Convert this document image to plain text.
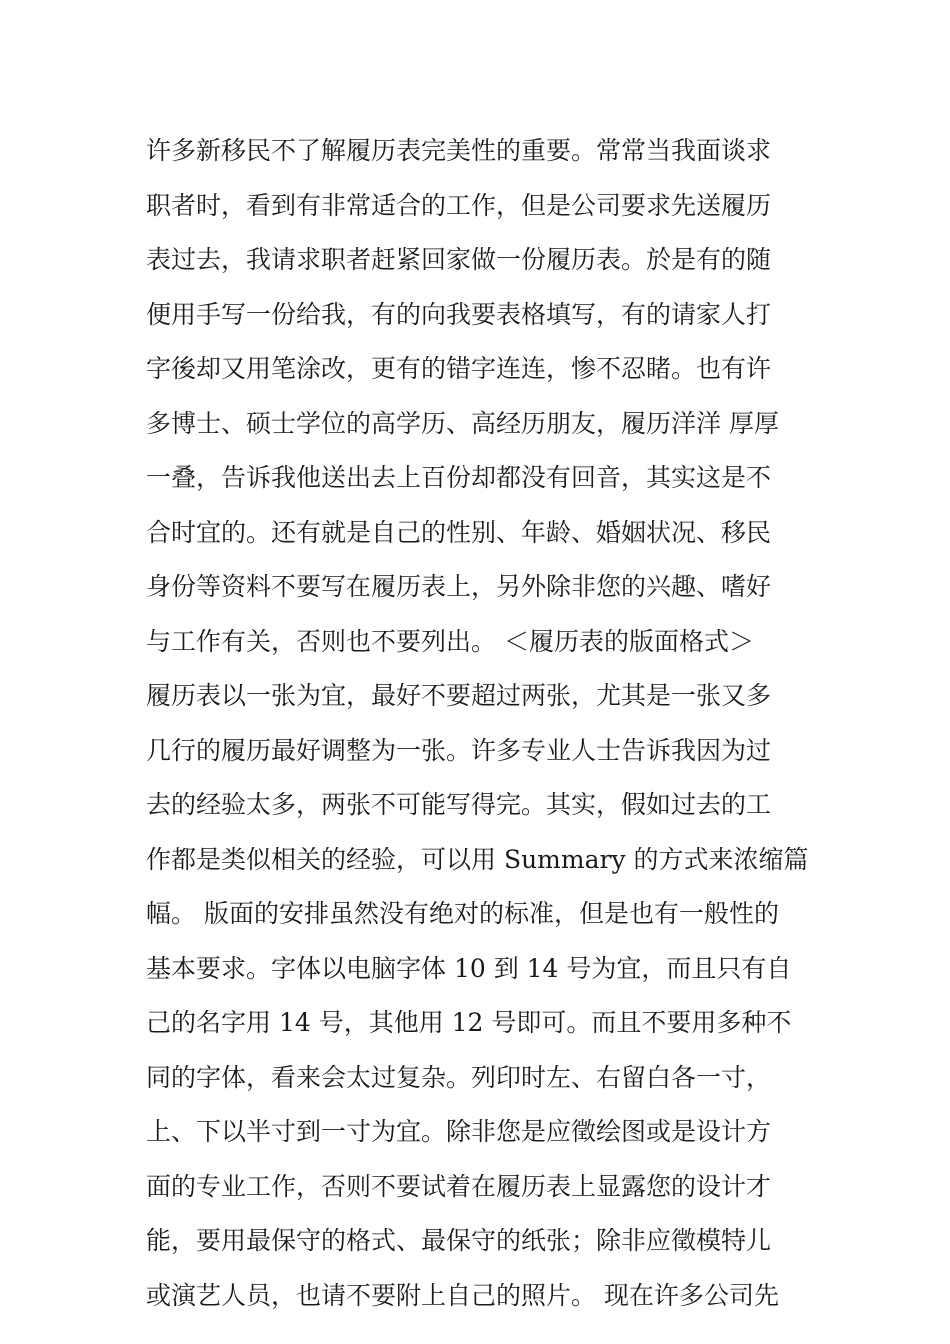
许多新移民不了解履历表完美性的重要。常常当我面谈求
职者时，看到有非常适合的工作，但是公司要求先送履历
表过去，我请求职者赶紧回家做一份履历表。於是有的随
便用手写一份给我，有的向我要表格填写，有的请家人打
字後却又用笔涂改，更有的错字连连，惨不忍睹。也有许
多博士、硕士学位的高学历、高经历朋友，履历洋洋 厚厚
一叠，告诉我他送出去上百份却都没有回音，其实这是不
合时宜的。还有就是自己的性别、年龄、婚姻状况、移民
身份等资料不要写在履历表上，另外除非您的兴趣、嗜好
与工作有关，否则也不要列出。 ＜履历表的版面格式＞
履历表以一张为宜，最好不要超过两张，尤其是一张又多
几行的履历最好调整为一张。许多专业人士告诉我因为过
去的经验太多，两张不可能写得完。其实，假如过去的工
作都是类似相关的经验，可以用 Summary 的方式来浓缩篇
幅。 版面的安排虽然没有绝对的标准，但是也有一般性的
基本要求。字体以电脑字体 10 到 14 号为宜，而且只有自
己的名字用 14 号，其他用 12 号即可。而且不要用多种不
同的字体，看来会太过复杂。列印时左、右留白各一寸，
上、下以半寸到一寸为宜。除非您是应徵绘图或是设计方
面的专业工作，否则不要试着在履历表上显露您的设计才
能，要用最保守的格式、最保守的纸张；除非应徵模特儿
或演艺人员，也请不要附上自己的照片。 现在许多公司先
